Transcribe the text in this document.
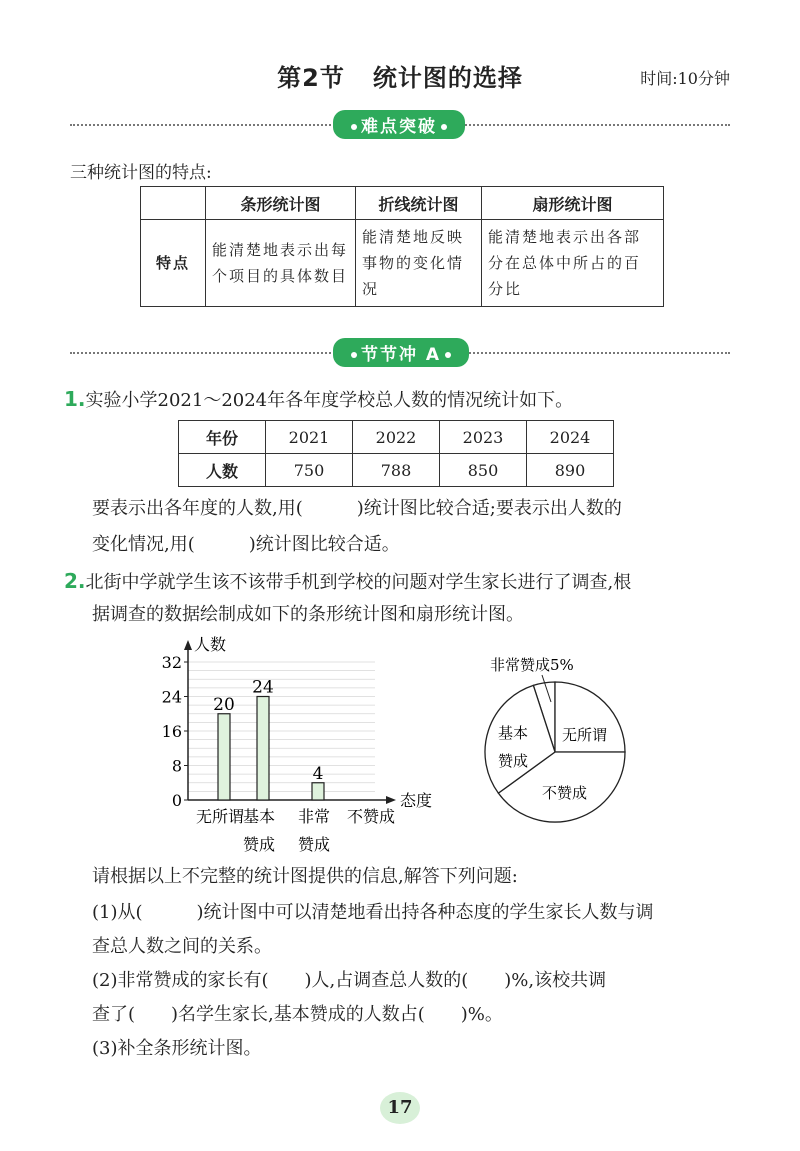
第2节 统计图的选择	时间:10分钟
难点突破
三种统计图的特点:
	条形统计图	折线统计图	扇形统计图
特点	能清楚地表示出每个项目的具体数目	能清楚地反映事物的变化情况	能清楚地表示出各部分在总体中所占的百分比
节节冲 A
1.实验小学2021～2024年各年度学校总人数的情况统计如下。
年份	2021	2022	2023	2024
人数	750	788	850	890
要表示出各年度的人数,用(　　　)统计图比较合适;要表示出人数的
变化情况,用(　　　)统计图比较合适。
2.北街中学就学生该不该带手机到学校的问题对学生家长进行了调查,根
据调查的数据绘制成如下的条形统计图和扇形统计图。
人数
态度
0
8
16
24
32
20
24
4
无所谓
基本
赞成
非常
赞成
不赞成
非常赞成5%
无所谓
不赞成
基本
赞成
请根据以上不完整的统计图提供的信息,解答下列问题:
(1)从(　　　)统计图中可以清楚地看出持各种态度的学生家长人数与调
查总人数之间的关系。
(2)非常赞成的家长有(　　)人,占调查总人数的(　　)%,该校共调
查了(　　)名学生家长,基本赞成的人数占(　　)%。
(3)补全条形统计图。
17
